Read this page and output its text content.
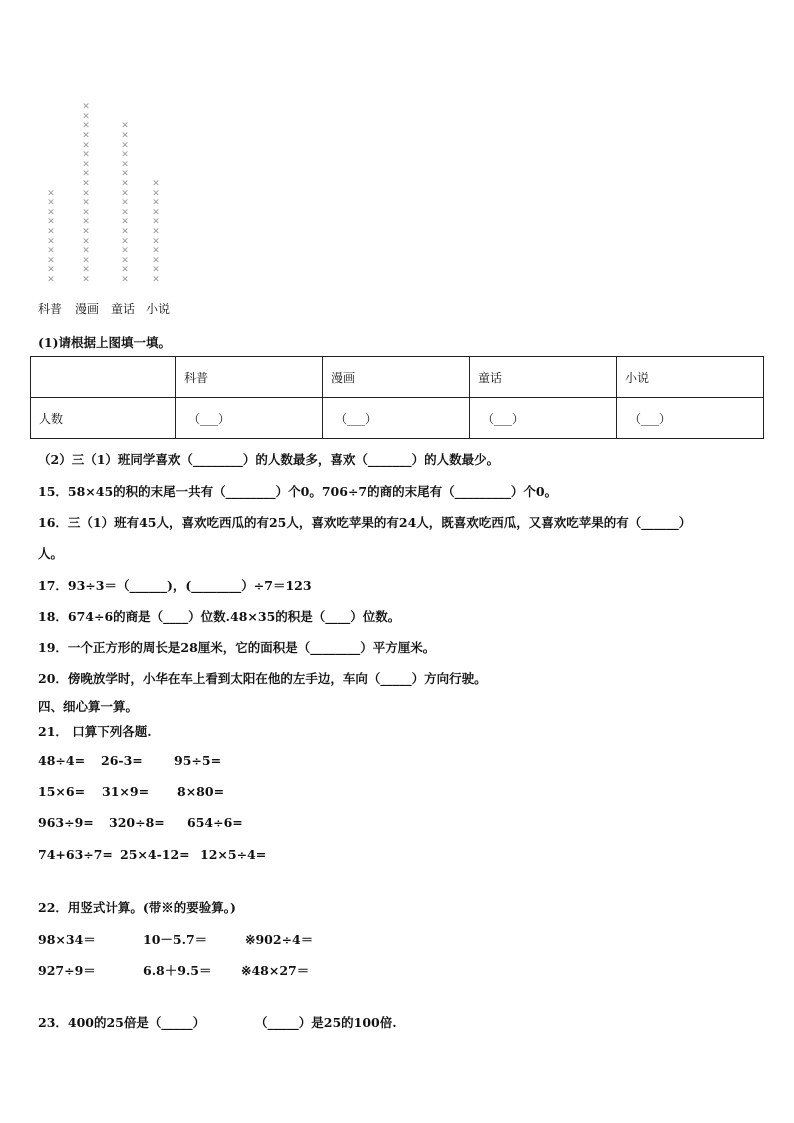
✕
✕
✕
✕
✕
✕
✕
✕
✕
✕
✕
✕
✕
✕
✕
✕
✕
✕
✕
✕
✕
✕
✕
✕
✕
✕
✕
✕
✕
✕
✕
✕
✕
✕
✕
✕
✕
✕
✕
✕
✕
✕
✕
✕
✕
✕
✕
✕
✕
✕
✕
✕
✕
✕
✕
✕
✕
科普 漫画 童话 小说
(1)请根据上图填一填。
	科普	漫画	童话	小说
人数	（___）	（___）	（___）	（___）
（2）三（1）班同学喜欢（________）的人数最多，喜欢（_______）的人数最少。
15．58×45的积的末尾一共有（________）个0。706÷7的商的末尾有（_________）个0。
16．三（1）班有45人，喜欢吃西瓜的有25人，喜欢吃苹果的有24人，既喜欢吃西瓜，又喜欢吃苹果的有（______）
人。
17．93÷3＝（______)，(________）÷7＝123
18．674÷6的商是（____）位数.48×35的积是（____）位数。
19．一个正方形的周长是28厘米，它的面积是（________）平方厘米。
20．傍晚放学时，小华在车上看到太阳在他的左手边，车向（_____）方向行驶。
四、细心算一算。
21． 口算下列各题.
48÷4= 26-3= 95÷5=
15×6= 31×9= 8×80=
963÷9= 320÷8= 654÷6=
74+63÷7= 25×4-12= 12×5÷4=
22．用竖式计算。(带※的要验算。)
98×34＝	10－5.7＝	※902÷4＝
927÷9＝	6.8＋9.5＝ ※48×27＝
23．400的25倍是（_____）	（_____）是25的100倍.
